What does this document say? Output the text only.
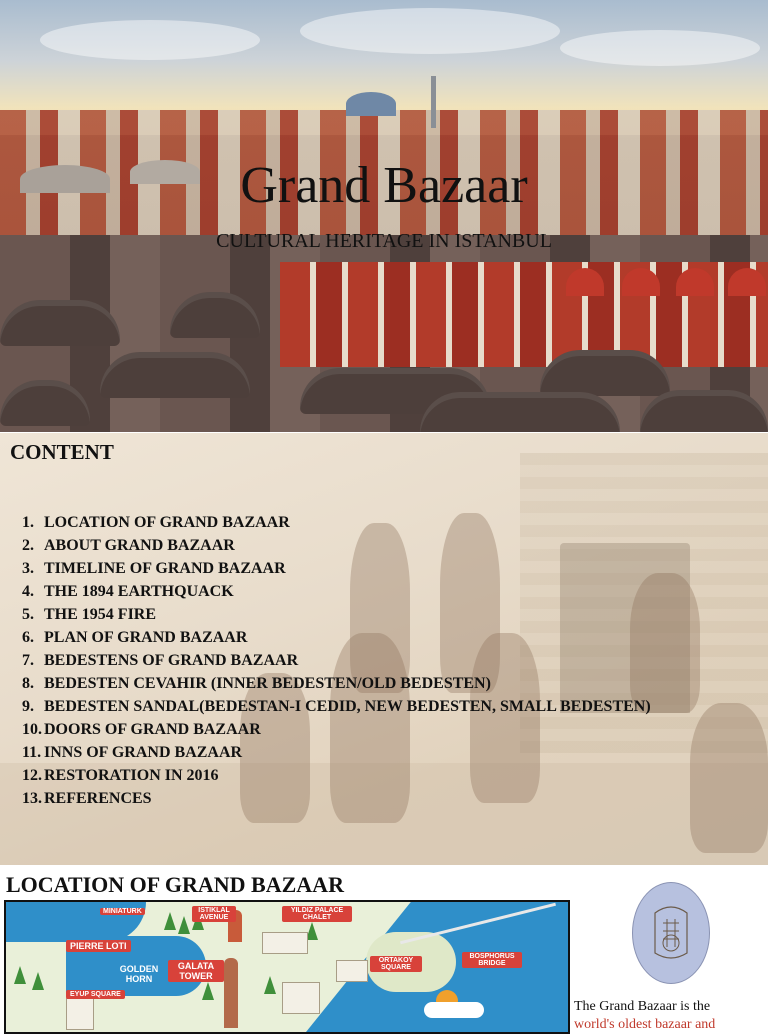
Grand Bazaar
CULTURAL HERITAGE IN ISTANBUL
CONTENT
1. LOCATION OF GRAND BAZAAR
2. ABOUT GRAND BAZAAR
3. TIMELINE OF GRAND BAZAAR
4. THE 1894 EARTHQUACK
5. THE 1954 FIRE
6. PLAN OF GRAND BAZAAR
7. BEDESTENS OF GRAND BAZAAR
8. BEDESTEN CEVAHIR (INNER BEDESTEN/OLD BEDESTEN)
9. BEDESTEN SANDAL(BEDESTAN-I CEDID, NEW BEDESTEN, SMALL BEDESTEN)
10. DOORS OF GRAND BAZAAR
11. INNS OF GRAND BAZAAR
12. RESTORATION IN 2016
13. REFERENCES
LOCATION OF GRAND BAZAAR
MINIATURK
PIERRE LOTI
GOLDEN HORN
EYUP SQUARE
GALATA TOWER
ISTIKLAL AVENUE
YILDIZ PALACE CHALET
ORTAKOY SQUARE
BOSPHORUS BRIDGE
The Grand Bazaar is the
world's oldest bazaar and
